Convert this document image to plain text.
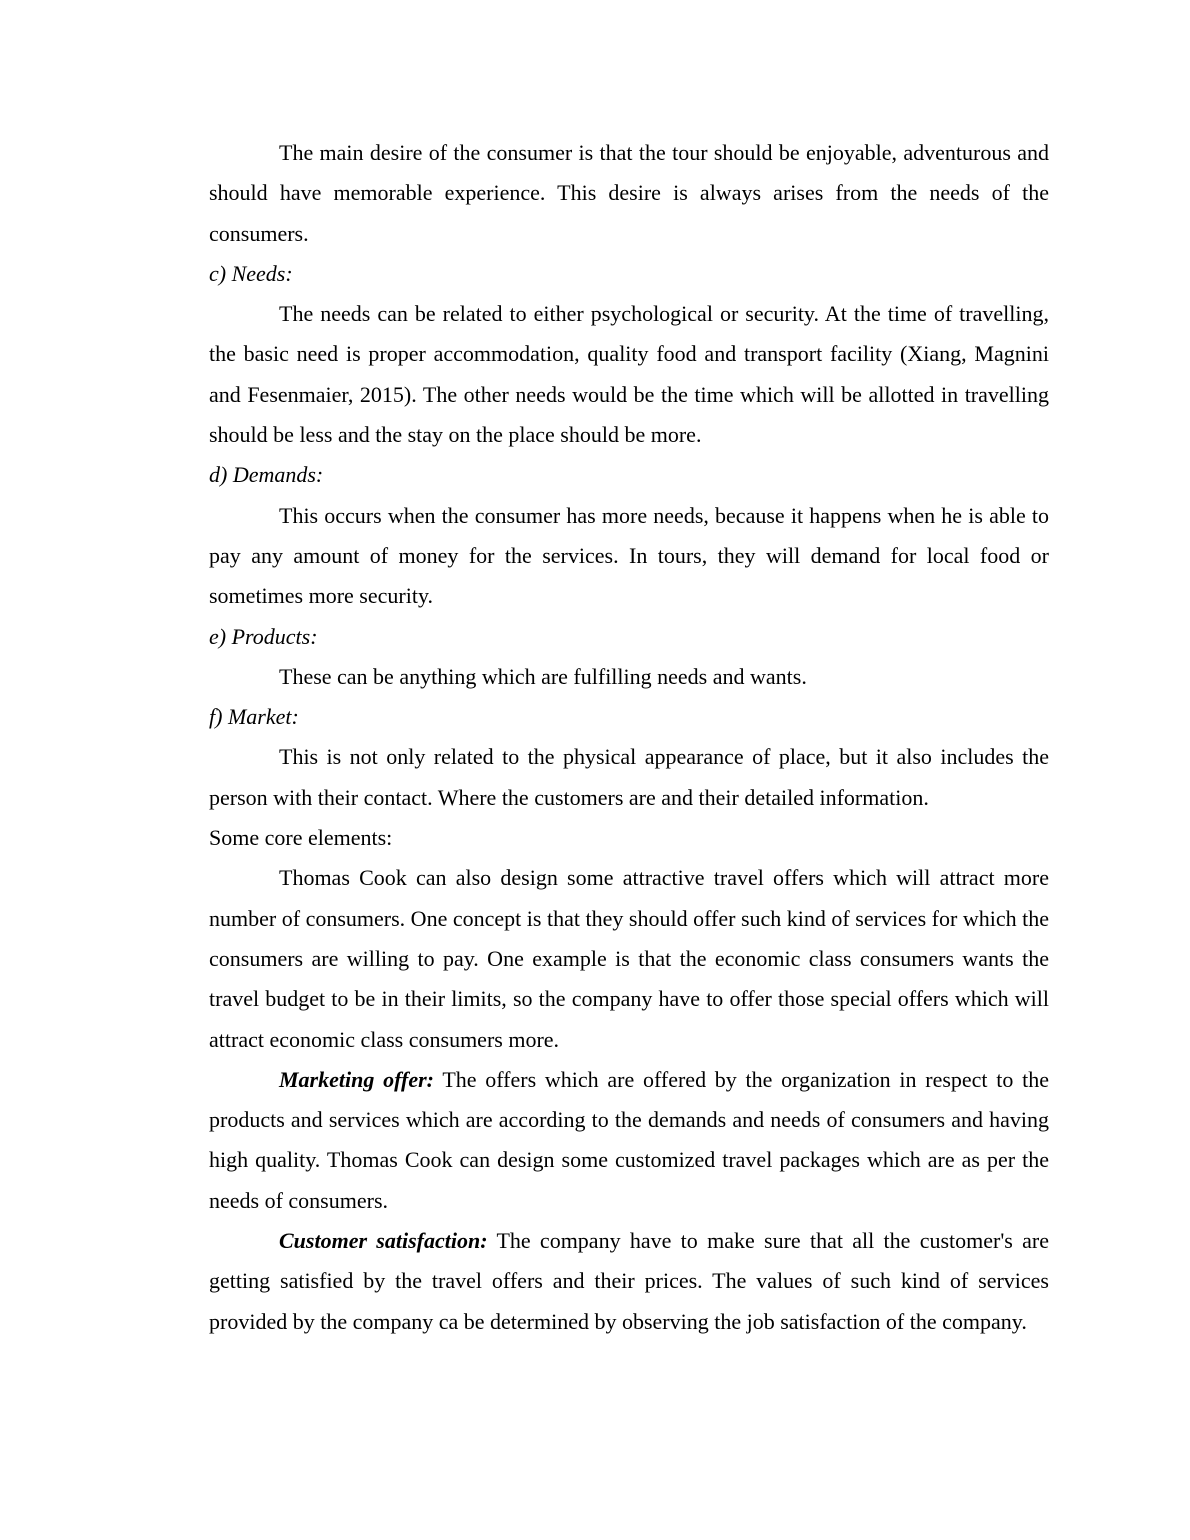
The main desire of the consumer is that the tour should be enjoyable, adventurous and should have memorable experience. This desire is always arises from the needs of the consumers.

c) Needs:

The needs can be related to either psychological or security. At the time of travelling, the basic need is proper accommodation, quality food and transport facility (Xiang, Magnini and Fesenmaier, 2015). The other needs would be the time which will be allotted in travelling should be less and the stay on the place should be more.

d) Demands:

This occurs when the consumer has more needs, because it happens when he is able to pay any amount of money for the services. In tours, they will demand for local food or sometimes more security.

e) Products:

These can be anything which are fulfilling needs and wants.

f) Market:

This is not only related to the physical appearance of place, but it also includes the person with their contact. Where the customers are and their detailed information.

Some core elements:

Thomas Cook can also design some attractive travel offers which will attract more number of consumers. One concept is that they should offer such kind of services for which the consumers are willing to pay. One example is that the economic class consumers wants the travel budget to be in their limits, so the company have to offer those special offers which will attract economic class consumers more.

Marketing offer: The offers which are offered by the organization in respect to the products and services which are according to the demands and needs of consumers and having high quality. Thomas Cook can design some customized travel packages which are as per the needs of consumers.

Customer satisfaction: The company have to make sure that all the customer's are getting satisfied by the travel offers and their prices. The values of such kind of services provided by the company ca be determined by observing the job satisfaction of the company.
